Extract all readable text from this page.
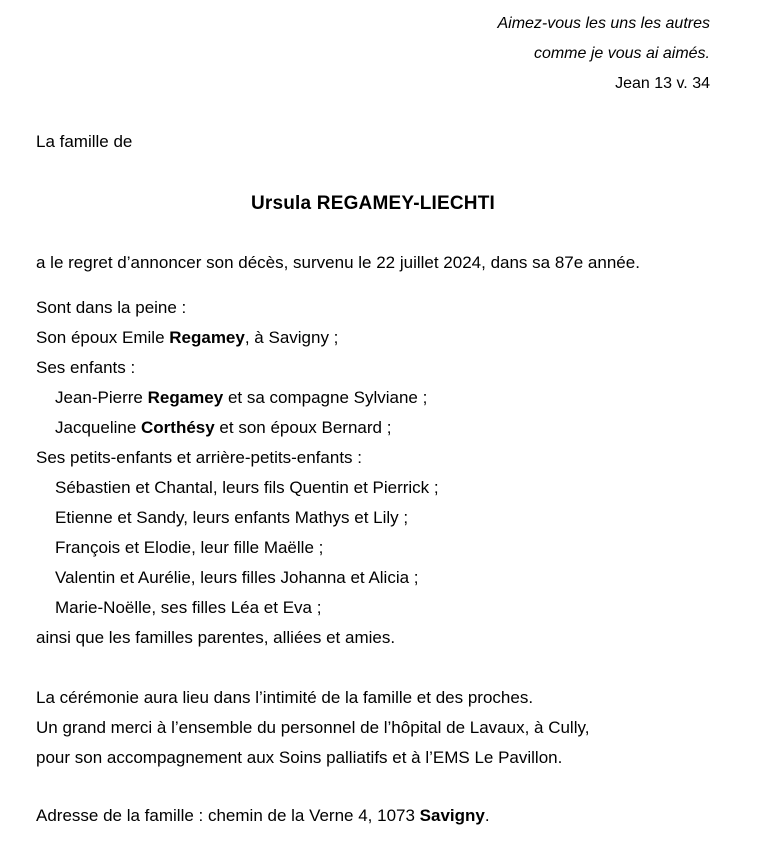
Aimez-vous les uns les autres
comme je vous ai aimés.
Jean 13 v. 34
La famille de
Ursula REGAMEY-LIECHTI
a le regret d’annoncer son décès, survenu le 22 juillet 2024, dans sa 87e année.
Sont dans la peine :
Son époux Emile Regamey, à Savigny ;
Ses enfants :
Jean-Pierre Regamey et sa compagne Sylviane ;
Jacqueline Corthésy et son époux Bernard ;
Ses petits-enfants et arrière-petits-enfants :
Sébastien et Chantal, leurs fils Quentin et Pierrick ;
Etienne et Sandy, leurs enfants Mathys et Lily ;
François et Elodie, leur fille Maëlle ;
Valentin et Aurélie, leurs filles Johanna et Alicia ;
Marie-Noëlle, ses filles Léa et Eva ;
ainsi que les familles parentes, alliées et amies.
La cérémonie aura lieu dans l’intimité de la famille et des proches.
Un grand merci à l’ensemble du personnel de l’hôpital de Lavaux, à Cully,
pour son accompagnement aux Soins palliatifs et à l’EMS Le Pavillon.
Adresse de la famille : chemin de la Verne 4, 1073 Savigny.
